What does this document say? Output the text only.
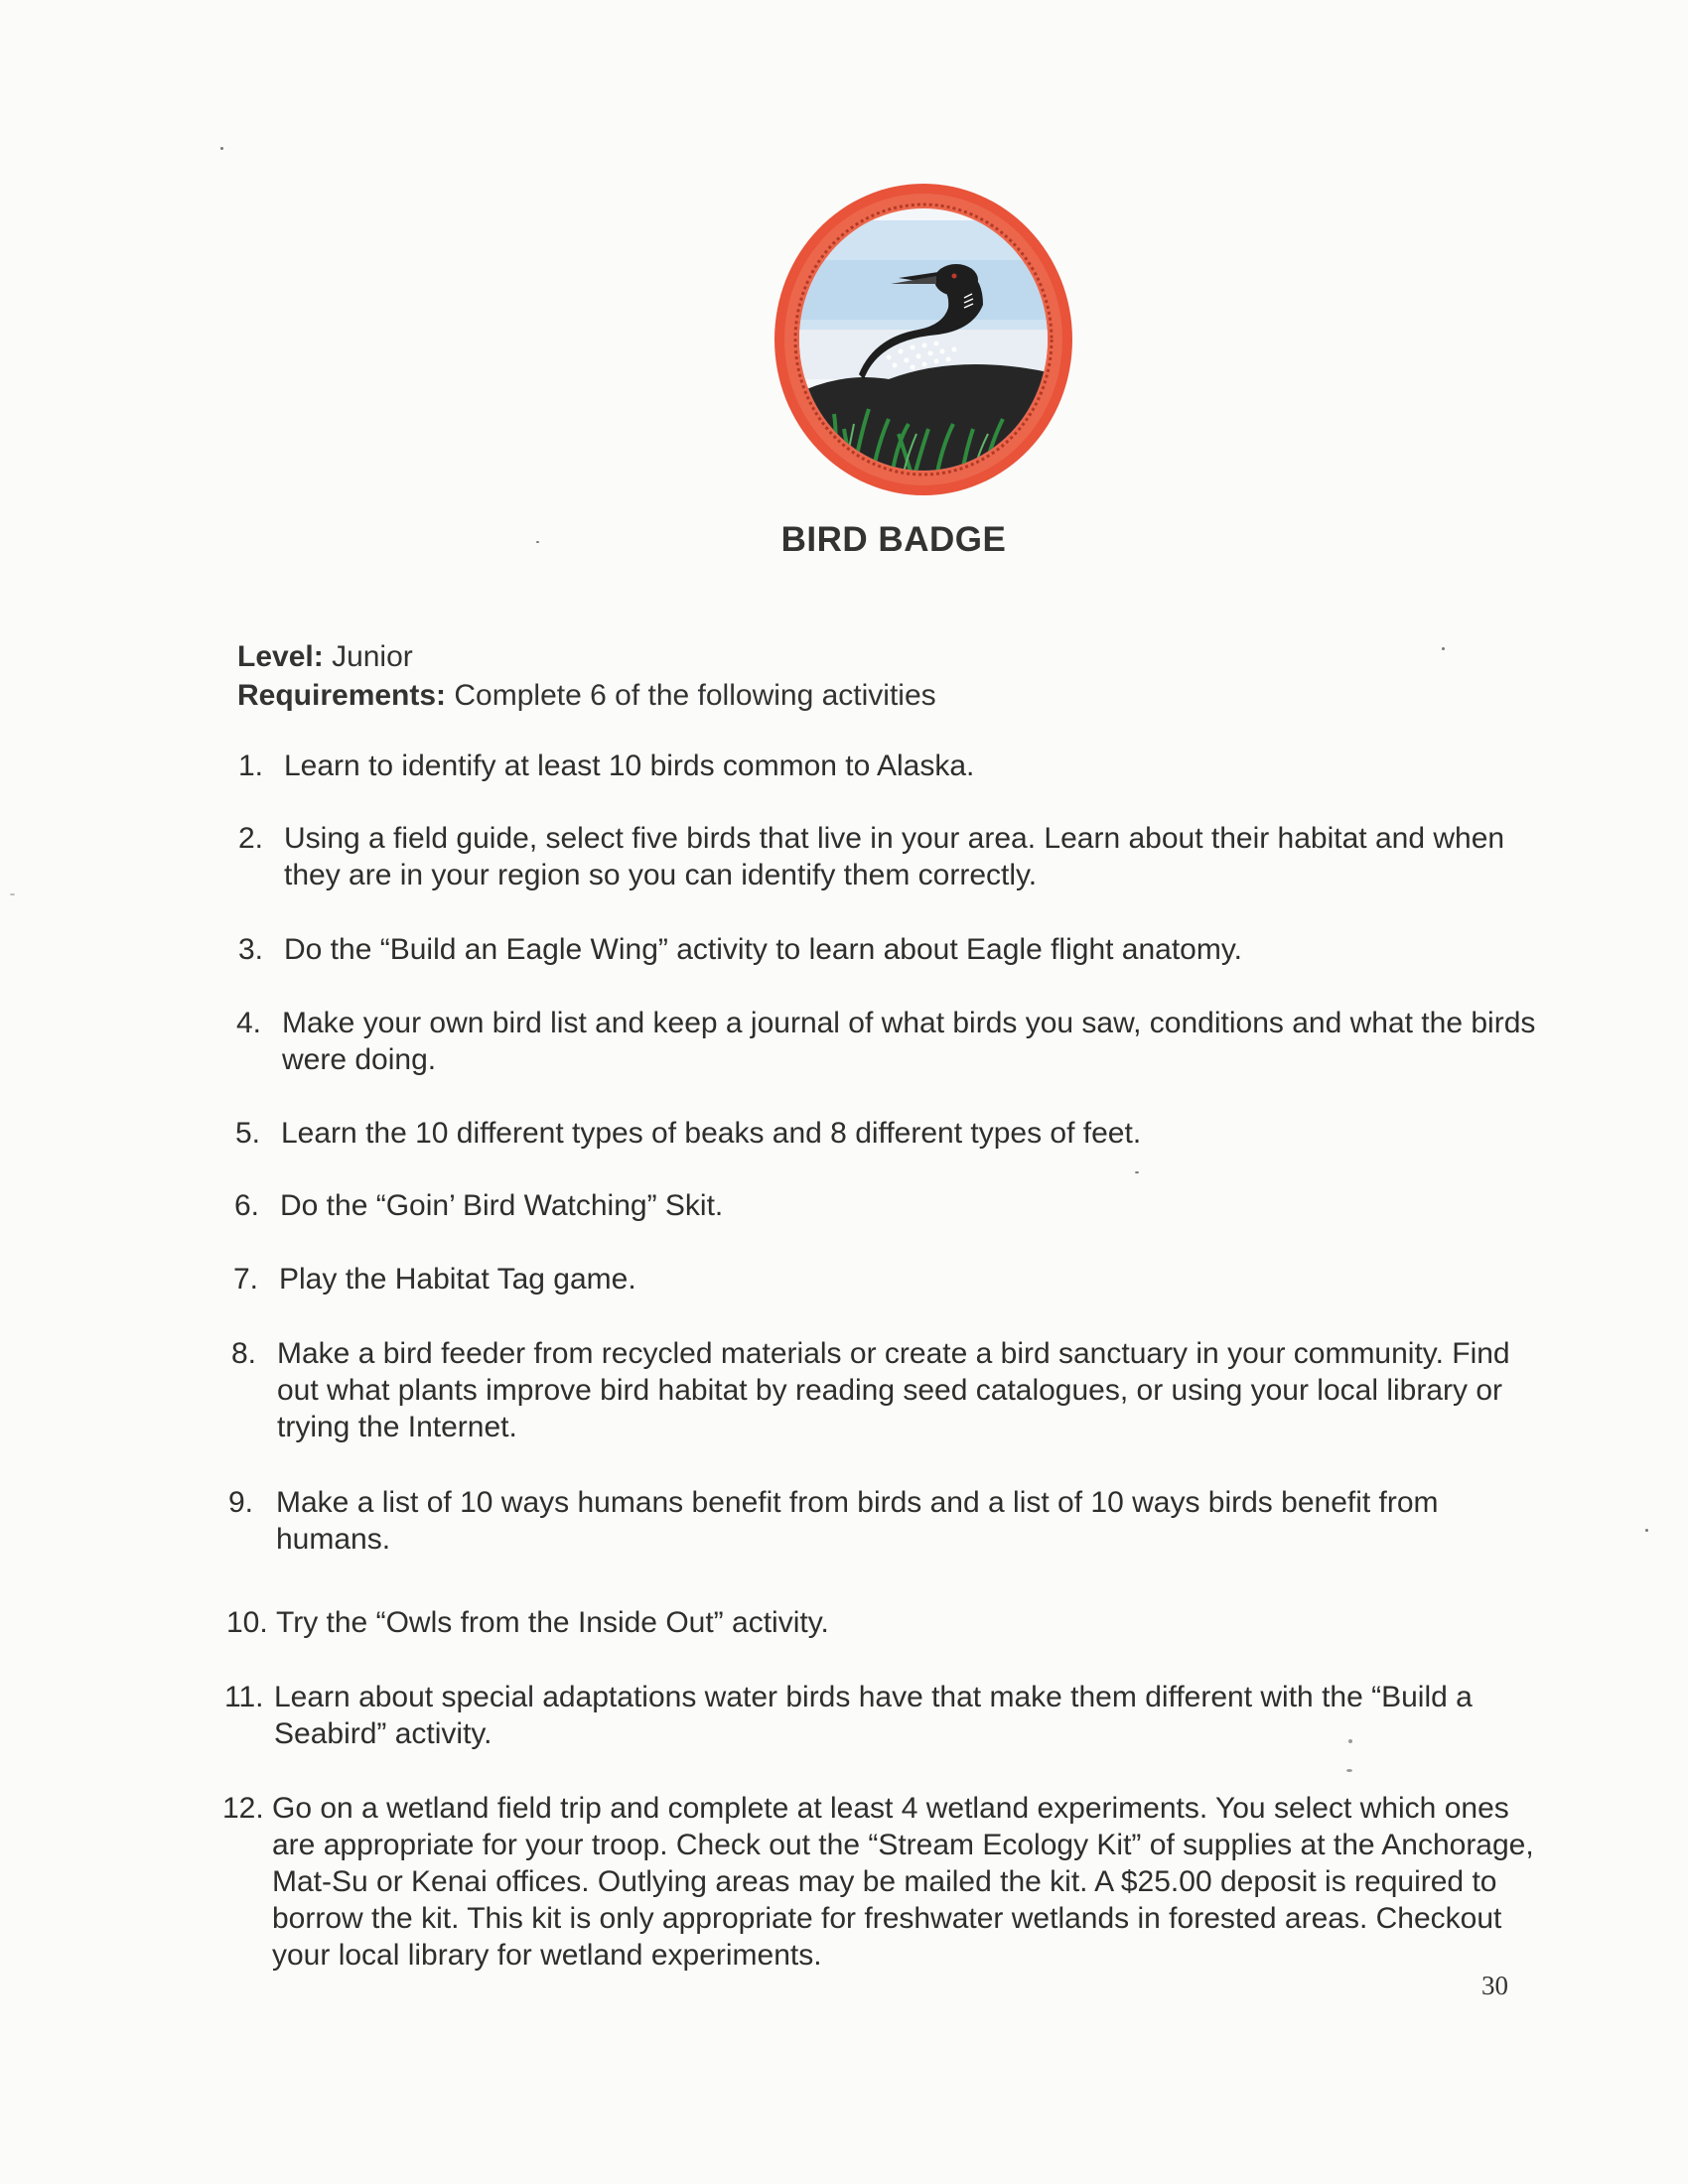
BIRD BADGE
Level: Junior
Requirements: Complete 6 of the following activities
1. Learn to identify at least 10 birds common to Alaska.
2. Using a field guide, select five birds that live in your area. Learn about their habitat and when they are in your region so you can identify them correctly.
3. Do the “Build an Eagle Wing” activity to learn about Eagle flight anatomy.
4. Make your own bird list and keep a journal of what birds you saw, conditions and what the birds were doing.
5. Learn the 10 different types of beaks and 8 different types of feet.
6. Do the “Goin’ Bird Watching” Skit.
7. Play the Habitat Tag game.
8. Make a bird feeder from recycled materials or create a bird sanctuary in your community. Find out what plants improve bird habitat by reading seed catalogues, or using your local library or trying the Internet.
9. Make a list of 10 ways humans benefit from birds and a list of 10 ways birds benefit from humans.
10. Try the “Owls from the Inside Out” activity.
11. Learn about special adaptations water birds have that make them different with the “Build a Seabird” activity.
12. Go on a wetland field trip and complete at least 4 wetland experiments. You select which ones are appropriate for your troop. Check out the “Stream Ecology Kit” of supplies at the Anchorage, Mat-Su or Kenai offices. Outlying areas may be mailed the kit. A $25.00 deposit is required to borrow the kit. This kit is only appropriate for freshwater wetlands in forested areas. Checkout your local library for wetland experiments.
30
